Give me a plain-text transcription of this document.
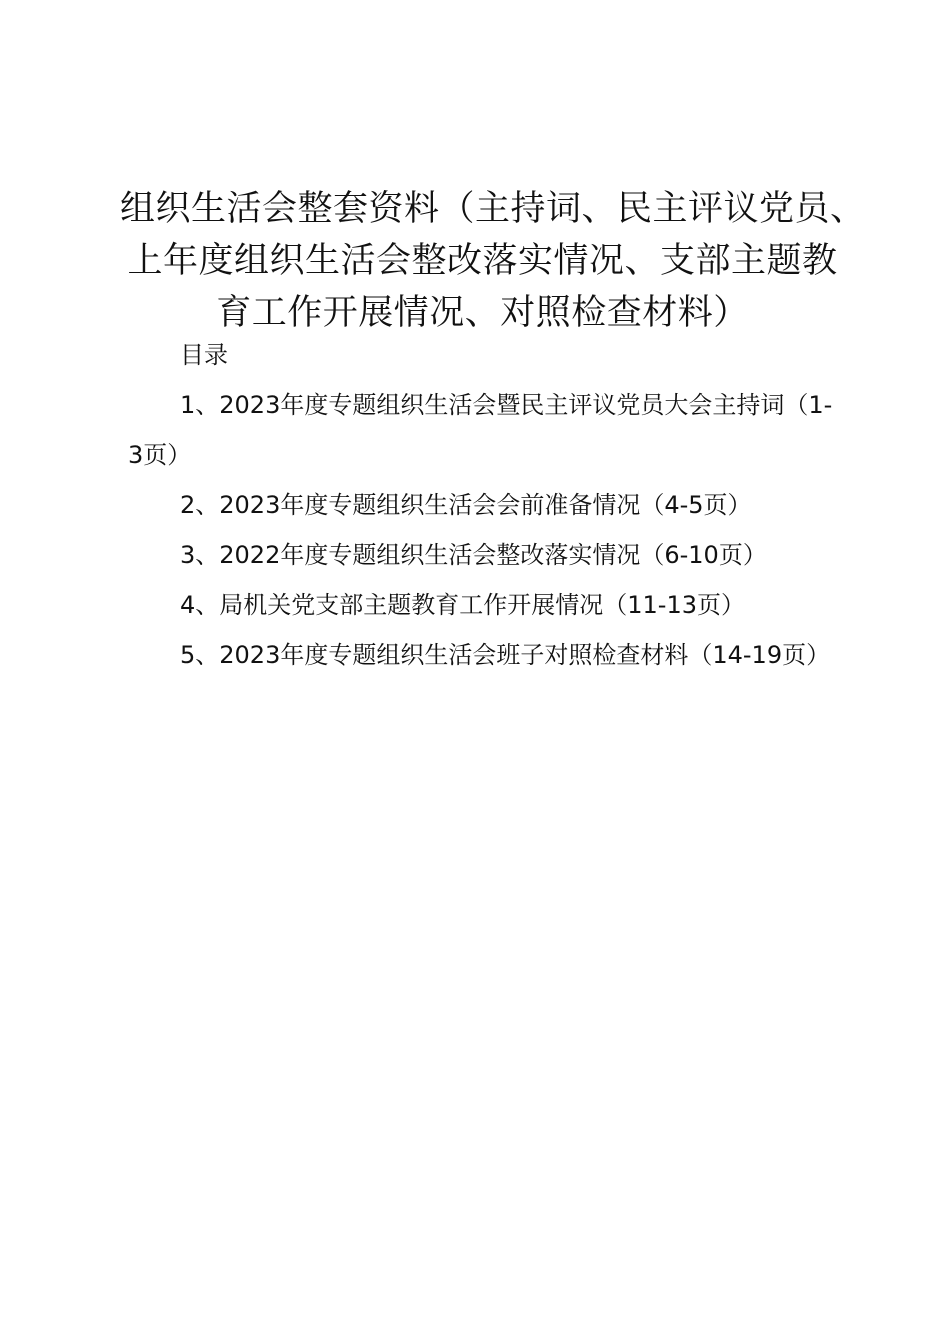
组织生活会整套资料（主持词、民主评议党员、
上年度组织生活会整改落实情况、支部主题教
育工作开展情况、对照检查材料）

目录

1、2023年度专题组织生活会暨民主评议党员大会主持词（1-3页）

2、2023年度专题组织生活会会前准备情况（4-5页）

3、2022年度专题组织生活会整改落实情况（6-10页）

4、局机关党支部主题教育工作开展情况（11-13页）

5、2023年度专题组织生活会班子对照检查材料（14-19页）
